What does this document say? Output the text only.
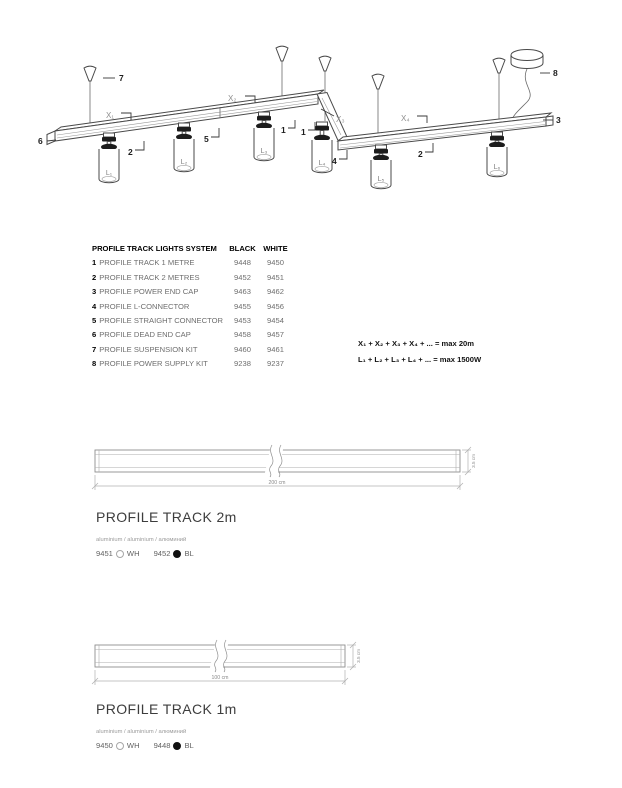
L₁
L₂
L₃
L₄
L₅
L₆
7
6
2
5
1 1
4
2
3
8
X₁
X₂
X₃	X₄
PROFILE TRACK LIGHTS SYSTEM	BLACK WHITE
1 PROFILE TRACK 1 METRE	9448	9450
2 PROFILE TRACK 2 METRES	9452	9451
3 PROFILE POWER END CAP	9463	9462
4 PROFILE L-CONNECTOR	9455	9456
5 PROFILE STRAIGHT CONNECTOR	9453	9454
6 PROFILE DEAD END CAP	9458	9457
7 PROFILE SUSPENSION KIT	9460	9461
8 PROFILE POWER SUPPLY KIT	9238	9237
X₁ + X₂ + X₃ + X₄ + ... = max 20m
L₁ + L₂ + L₃ + L₄ + ... = max 1500W
200 cm
3.5 cm
PROFILE TRACK 2m
aluminium / aluminium / алюминий
9451 WH 9452 BL
100 cm
3.5 cm
PROFILE TRACK 1m
aluminium / aluminium / алюминий
9450 WH 9448 BL
